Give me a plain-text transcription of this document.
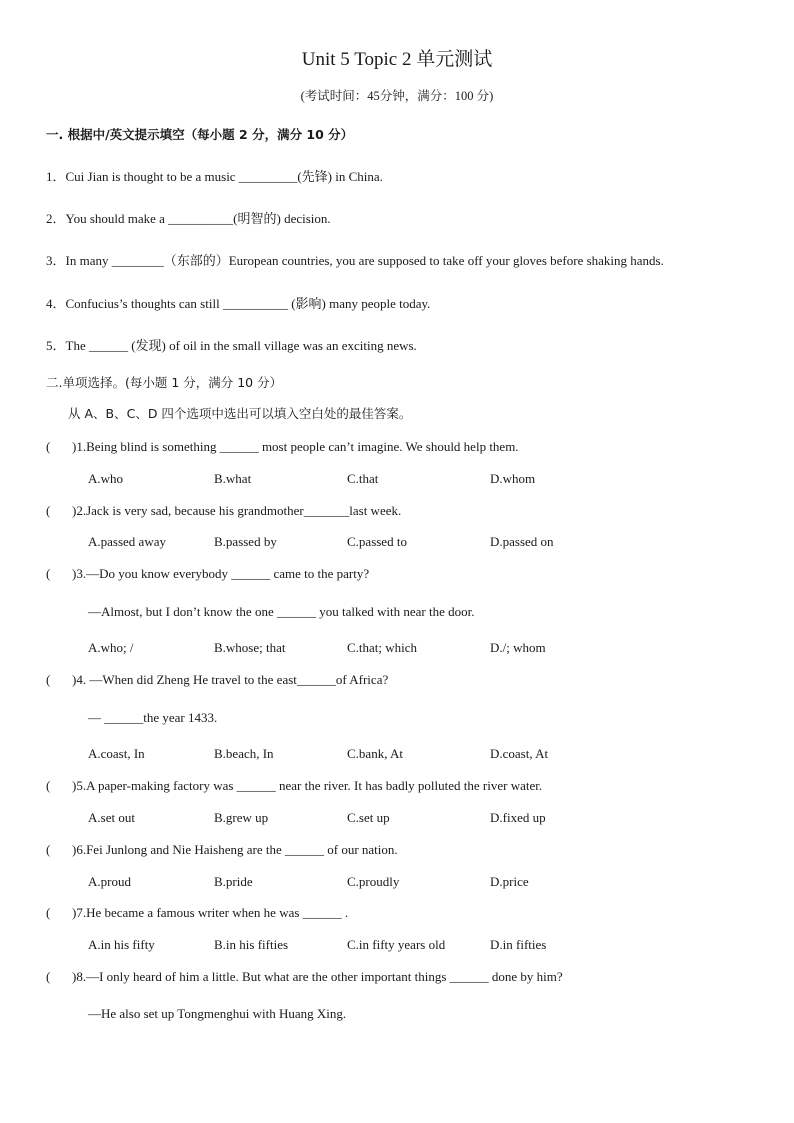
Unit 5 Topic 2 单元测试
(考试时间：45分钟，满分：100 分)
一. 根据中/英文提示填空（每小题 2 分，满分 10 分）
1．Cui Jian is thought to be a music _________(先锋) in China.
2．You should make a __________(明智的) decision.
3．In many ________（东部的）European countries, you are supposed to take off your gloves before shaking hands.
4．Confucius’s thoughts can still __________ (影响) many people today.
5．The ______ (发现) of oil in the small village was an exciting news.
二.单项选择。(每小题 1 分，满分 10 分）
从 A、B、C、D 四个选项中选出可以填入空白处的最佳答案。
( )1.Being blind is something ______ most people can’t imagine. We should help them.
A.who	B.what	C.that	D.whom
( )2.Jack is very sad, because his grandmother_______last week.
A.passed away	B.passed by	C.passed to	D.passed on
( )3.—Do you know everybody ______ came to the party?
—Almost, but I don’t know the one ______ you talked with near the door.
A.who; /	B.whose; that	C.that; which	D./; whom
( )4. —When did Zheng He travel to the east______of Africa?
— ______the year 1433.
A.coast, In	B.beach, In	C.bank, At	D.coast, At
( )5.A paper-making factory was ______ near the river. It has badly polluted the river water.
A.set out	B.grew up	C.set up	D.fixed up
( )6.Fei Junlong and Nie Haisheng are the ______ of our nation.
A.proud	B.pride	C.proudly	D.price
( )7.He became a famous writer when he was ______ .
A.in his fifty	B.in his fifties	C.in fifty years old	D.in fifties
( )8.—I only heard of him a little. But what are the other important things ______ done by him?
—He also set up Tongmenghui with Huang Xing.
